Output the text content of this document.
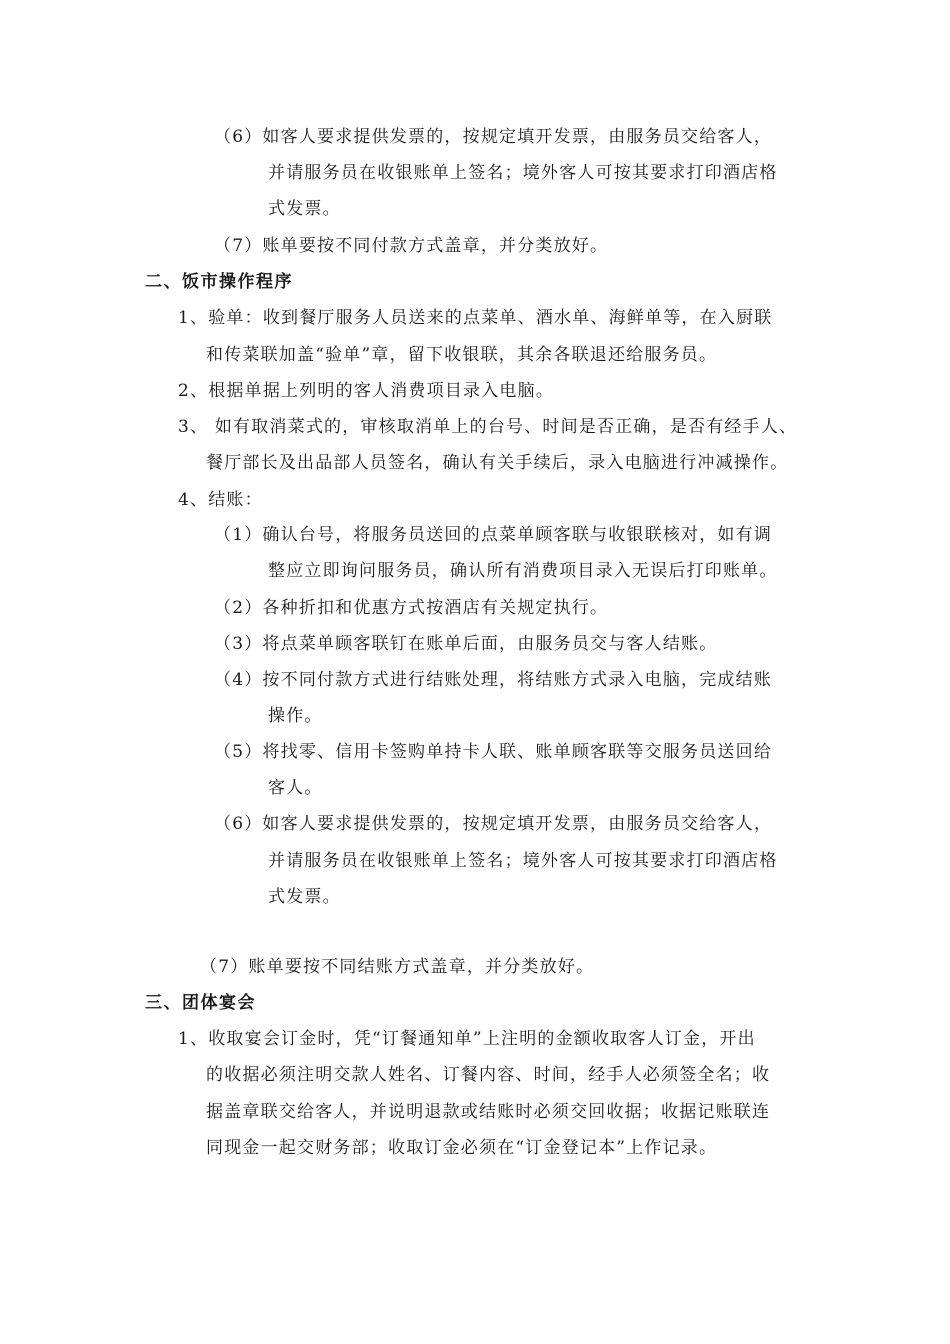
（6）如客人要求提供发票的，按规定填开发票，由服务员交给客人，
并请服务员在收银账单上签名；境外客人可按其要求打印酒店格
式发票。
（7）账单要按不同付款方式盖章，并分类放好。
二、饭市操作程序
1、验单：收到餐厅服务人员送来的点菜单、酒水单、海鲜单等，在入厨联
和传菜联加盖“验单”章，留下收银联，其余各联退还给服务员。
2、根据单据上列明的客人消费项目录入电脑。
3、 如有取消菜式的，审核取消单上的台号、时间是否正确，是否有经手人、
餐厅部长及出品部人员签名，确认有关手续后，录入电脑进行冲减操作。
4、结账：
（1）确认台号，将服务员送回的点菜单顾客联与收银联核对，如有调
整应立即询问服务员，确认所有消费项目录入无误后打印账单。
（2）各种折扣和优惠方式按酒店有关规定执行。
（3）将点菜单顾客联钉在账单后面，由服务员交与客人结账。
（4）按不同付款方式进行结账处理，将结账方式录入电脑，完成结账
操作。
（5）将找零、信用卡签购单持卡人联、账单顾客联等交服务员送回给
客人。
（6）如客人要求提供发票的，按规定填开发票，由服务员交给客人，
并请服务员在收银账单上签名；境外客人可按其要求打印酒店格
式发票。
（7）账单要按不同结账方式盖章，并分类放好。
三、团体宴会
1、收取宴会订金时，凭“订餐通知单”上注明的金额收取客人订金，开出
的收据必须注明交款人姓名、订餐内容、时间，经手人必须签全名；收
据盖章联交给客人，并说明退款或结账时必须交回收据；收据记账联连
同现金一起交财务部；收取订金必须在“订金登记本”上作记录。
